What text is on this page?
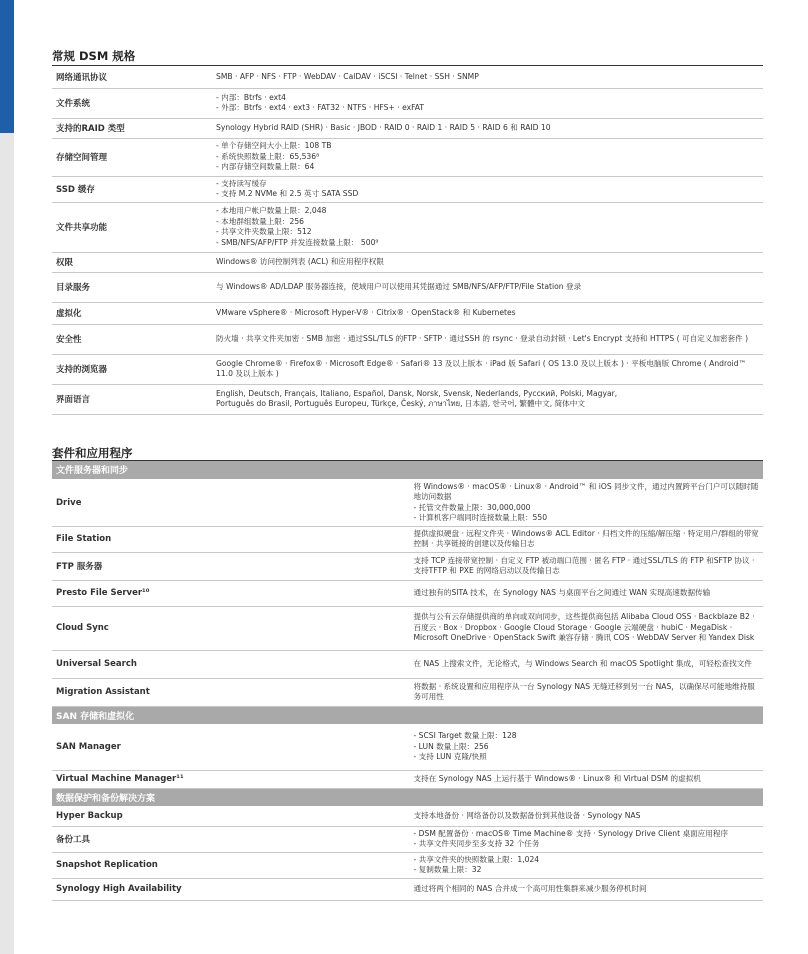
常规 DSM 规格
网络通讯协议	SMB · AFP · NFS · FTP · WebDAV · CalDAV · iSCSI · Telnet · SSH · SNMP

文件系统	- 内部：Btrfs · ext4
- 外部：Btrfs · ext4 · ext3 · FAT32 · NTFS · HFS+ · exFAT

支持的RAID 类型	Synology Hybrid RAID (SHR) · Basic · JBOD · RAID 0 · RAID 1 · RAID 5 · RAID 6 和 RAID 10

存储空间管理	- 单个存储空间大小上限：108 TB
- 系统快照数量上限：65,536⁸
- 内部存储空间数量上限：64

SSD 缓存	- 支持读写缓存
- 支持 M.2 NVMe 和 2.5 英寸 SATA SSD

文件共享功能	- 本地用户帐户数量上限：2,048
- 本地群组数量上限：256
- 共享文件夹数量上限：512
- SMB/NFS/AFP/FTP 并发连接数量上限： 500⁹

权限	Windows® 访问控制列表 (ACL) 和应用程序权限

目录服务	与 Windows® AD/LDAP 服务器连接，使域用户可以使用其凭据通过 SMB/NFS/AFP/FTP/File Station 登录

虚拟化	VMware vSphere® · Microsoft Hyper-V® · Citrix® · OpenStack® 和 Kubernetes

安全性	防火墙 · 共享文件夹加密 · SMB 加密 · 通过SSL/TLS 的FTP · SFTP · 通过SSH 的 rsync · 登录自动封锁 · Let's Encrypt 支持和 HTTPS ( 可自定义加密套件 )

支持的浏览器	Google Chrome® · Firefox® · Microsoft Edge® · Safari® 13 及以上版本 · iPad 版 Safari ( OS 13.0 及以上版本 ) · 平板电脑版 Chrome ( Android™ 11.0 及以上版本 )

界面语言	English, Deutsch, Français, Italiano, Español, Dansk, Norsk, Svensk, Nederlands, Русский, Polski, Magyar,
Português do Brasil, Português Europeu, Türkçe, Český, ภาษาไทย, 日本語, 한국어, 繁體中文, 简体中文
套件和应用程序
文件服务器和同步	
Drive	将 Windows® · macOS® · Linux® · Android™ 和 iOS 同步文件，通过内置跨平台门户可以随时随地访问数据
- 托管文件数量上限：30,000,000
- 计算机客户端同时连接数量上限：550

File Station	提供虚拟硬盘 · 远程文件夹 · Windows® ACL Editor · 归档文件的压缩/解压缩 · 特定用户/群组的带宽控制 · 共享链接的创建以及传输日志

FTP 服务器	支持 TCP 连接带宽控制 · 自定义 FTP 被动端口范围 · 匿名 FTP · 通过SSL/TLS 的 FTP 和SFTP 协议 · 支持TFTP 和 PXE 的网络启动以及传输日志

Presto File Server¹⁰	通过独有的SITA 技术，在 Synology NAS 与桌面平台之间通过 WAN 实现高速数据传输

Cloud Sync	提供与公有云存储提供商的单向或双向同步，这些提供商包括 Alibaba Cloud OSS · Backblaze B2 · 百度云 · Box · Dropbox · Google Cloud Storage · Google 云端硬盘 · hubiC · MegaDisk · Microsoft OneDrive · OpenStack Swift 兼容存储 · 腾讯 COS · WebDAV Server 和 Yandex Disk

Universal Search	在 NAS 上搜索文件，无论格式，与 Windows Search 和 macOS Spotlight 集成，可轻松查找文件

Migration Assistant	将数据 · 系统设置和应用程序从一台 Synology NAS 无缝迁移到另一台 NAS，以确保尽可能地维持服务可用性

SAN 存储和虚拟化	
SAN Manager	- SCSI Target 数量上限：128
- LUN 数量上限：256
- 支持 LUN 克隆/快照

Virtual Machine Manager¹¹	支持在 Synology NAS 上运行基于 Windows® · Linux® 和 Virtual DSM 的虚拟机

数据保护和备份解决方案	
Hyper Backup	支持本地备份 · 网络备份以及数据备份到其他设备 · Synology NAS

备份工具	- DSM 配置备份 · macOS® Time Machine® 支持 · Synology Drive Client 桌面应用程序
- 共享文件夹同步至多支持 32 个任务

Snapshot Replication	- 共享文件夹的快照数量上限：1,024
- 复制数量上限：32

Synology High Availability	通过将两个相同的 NAS 合并成一个高可用性集群来减少服务停机时间
